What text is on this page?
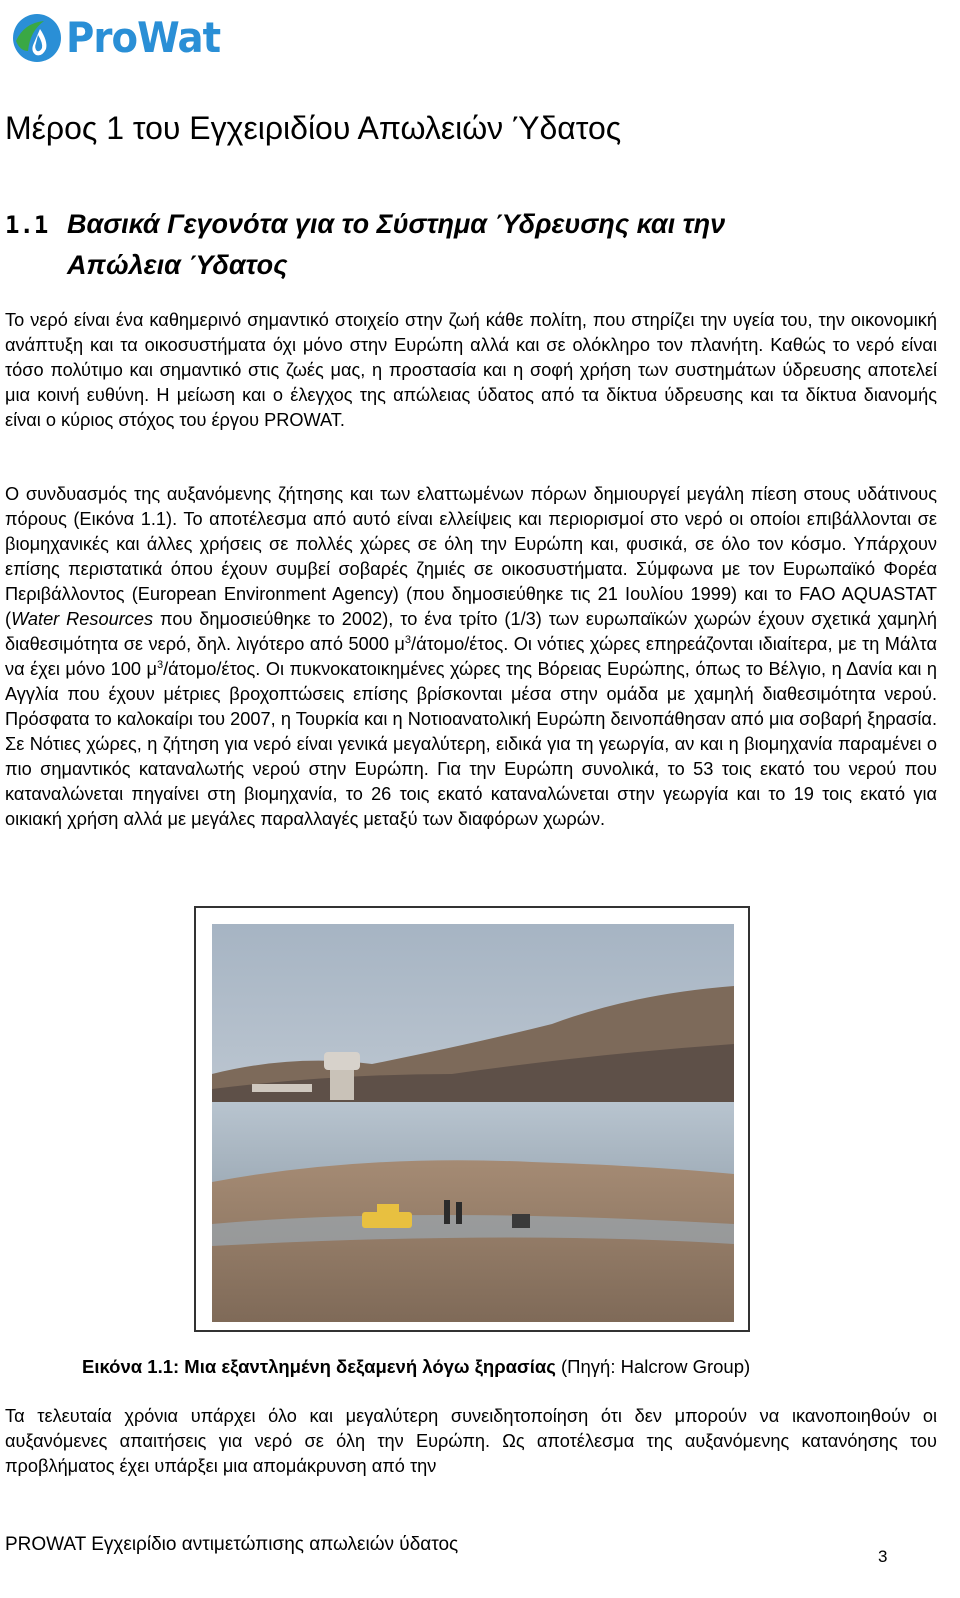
ProWat
Μέρος 1 του Εγχειριδίου Απωλειών Ύδατος
1.1 Βασικά Γεγονότα για το Σύστημα Ύδρευσης και την
Απώλεια Ύδατος

Το νερό είναι ένα καθημερινό σημαντικό στοιχείο στην ζωή κάθε πολίτη, που στηρίζει την υγεία του, την οικονομική ανάπτυξη και τα οικοσυστήματα όχι μόνο στην Ευρώπη αλλά και σε ολόκληρο τον πλανήτη. Καθώς το νερό είναι τόσο πολύτιμο και σημαντικό στις ζωές μας, η προστασία και η σοφή χρήση των συστημάτων ύδρευσης αποτελεί μια κοινή ευθύνη. Η μείωση και ο έλεγχος της απώλειας ύδατος από τα δίκτυα ύδρευσης και τα δίκτυα διανομής είναι ο κύριος στόχος του έργου PROWAT.

Ο συνδυασμός της αυξανόμενης ζήτησης και των ελαττωμένων πόρων δημιουργεί μεγάλη πίεση στους υδάτινους πόρους (Εικόνα 1.1). Το αποτέλεσμα από αυτό είναι ελλείψεις και περιορισμοί στο νερό οι οποίοι επιβάλλονται σε βιομηχανικές και άλλες χρήσεις σε πολλές χώρες σε όλη την Ευρώπη και, φυσικά, σε όλο τον κόσμο. Υπάρχουν επίσης περιστατικά όπου έχουν συμβεί σοβαρές ζημιές σε οικοσυστήματα. Σύμφωνα με τον Ευρωπαϊκό Φορέα Περιβάλλοντος (European Environment Agency) (που δημοσιεύθηκε τις 21 Ιουλίου 1999) και το FAO AQUASTAT (Water Resources που δημοσιεύθηκε το 2002), το ένα τρίτο (1/3) των ευρωπαϊκών χωρών έχουν σχετικά χαμηλή διαθεσιμότητα σε νερό, δηλ. λιγότερο από 5000 $\mu^3/ά\tau o\mu o$/έτος. Οι νότιες χώρες επηρεάζονται ιδιαίτερα, με τη Μάλτα να έχει μόνο 100 $\mu^3/ά\tau o\mu o$/έτος. Οι πυκνοκατοικημένες χώρες της Βόρειας Ευρώπης, όπως το Βέλγιο, η Δανία και η Αγγλία που έχουν μέτριες βροχοπτώσεις επίσης βρίσκονται μέσα στην ομάδα με χαμηλή διαθεσιμότητα νερού. Πρόσφατα το καλοκαίρι του 2007, η Τουρκία και η Νοτιοανατολική Ευρώπη δεινοπάθησαν από μια σοβαρή ξηρασία. Σε Νότιες χώρες, η ζήτηση για νερό είναι γενικά μεγαλύτερη, ειδικά για τη γεωργία, αν και η βιομηχανία παραμένει ο πιο σημαντικός καταναλωτής νερού στην Ευρώπη. Για την Ευρώπη συνολικά, το 53 τοις εκατό του νερού που καταναλώνεται πηγαίνει στη βιομηχανία, το 26 τοις εκατό καταναλώνεται στην γεωργία και το 19 τοις εκατό για οικιακή χρήση αλλά με μεγάλες παραλλαγές μεταξύ των διαφόρων χωρών.

Εικόνα 1.1: Μια εξαντλημένη δεξαμενή λόγω ξηρασίας (Πηγή: Halcrow Group)

Τα τελευταία χρόνια υπάρχει όλο και μεγαλύτερη συνειδητοποίηση ότι δεν μπορούν να ικανοποιηθούν οι αυξανόμενες απαιτήσεις για νερό σε όλη την Ευρώπη. Ως αποτέλεσμα της αυξανόμενης κατανόησης του προβλήματος έχει υπάρξει μια απομάκρυνση από την

PROWAT Εγχειρίδιο αντιμετώπισης απωλειών ύδατος

3
